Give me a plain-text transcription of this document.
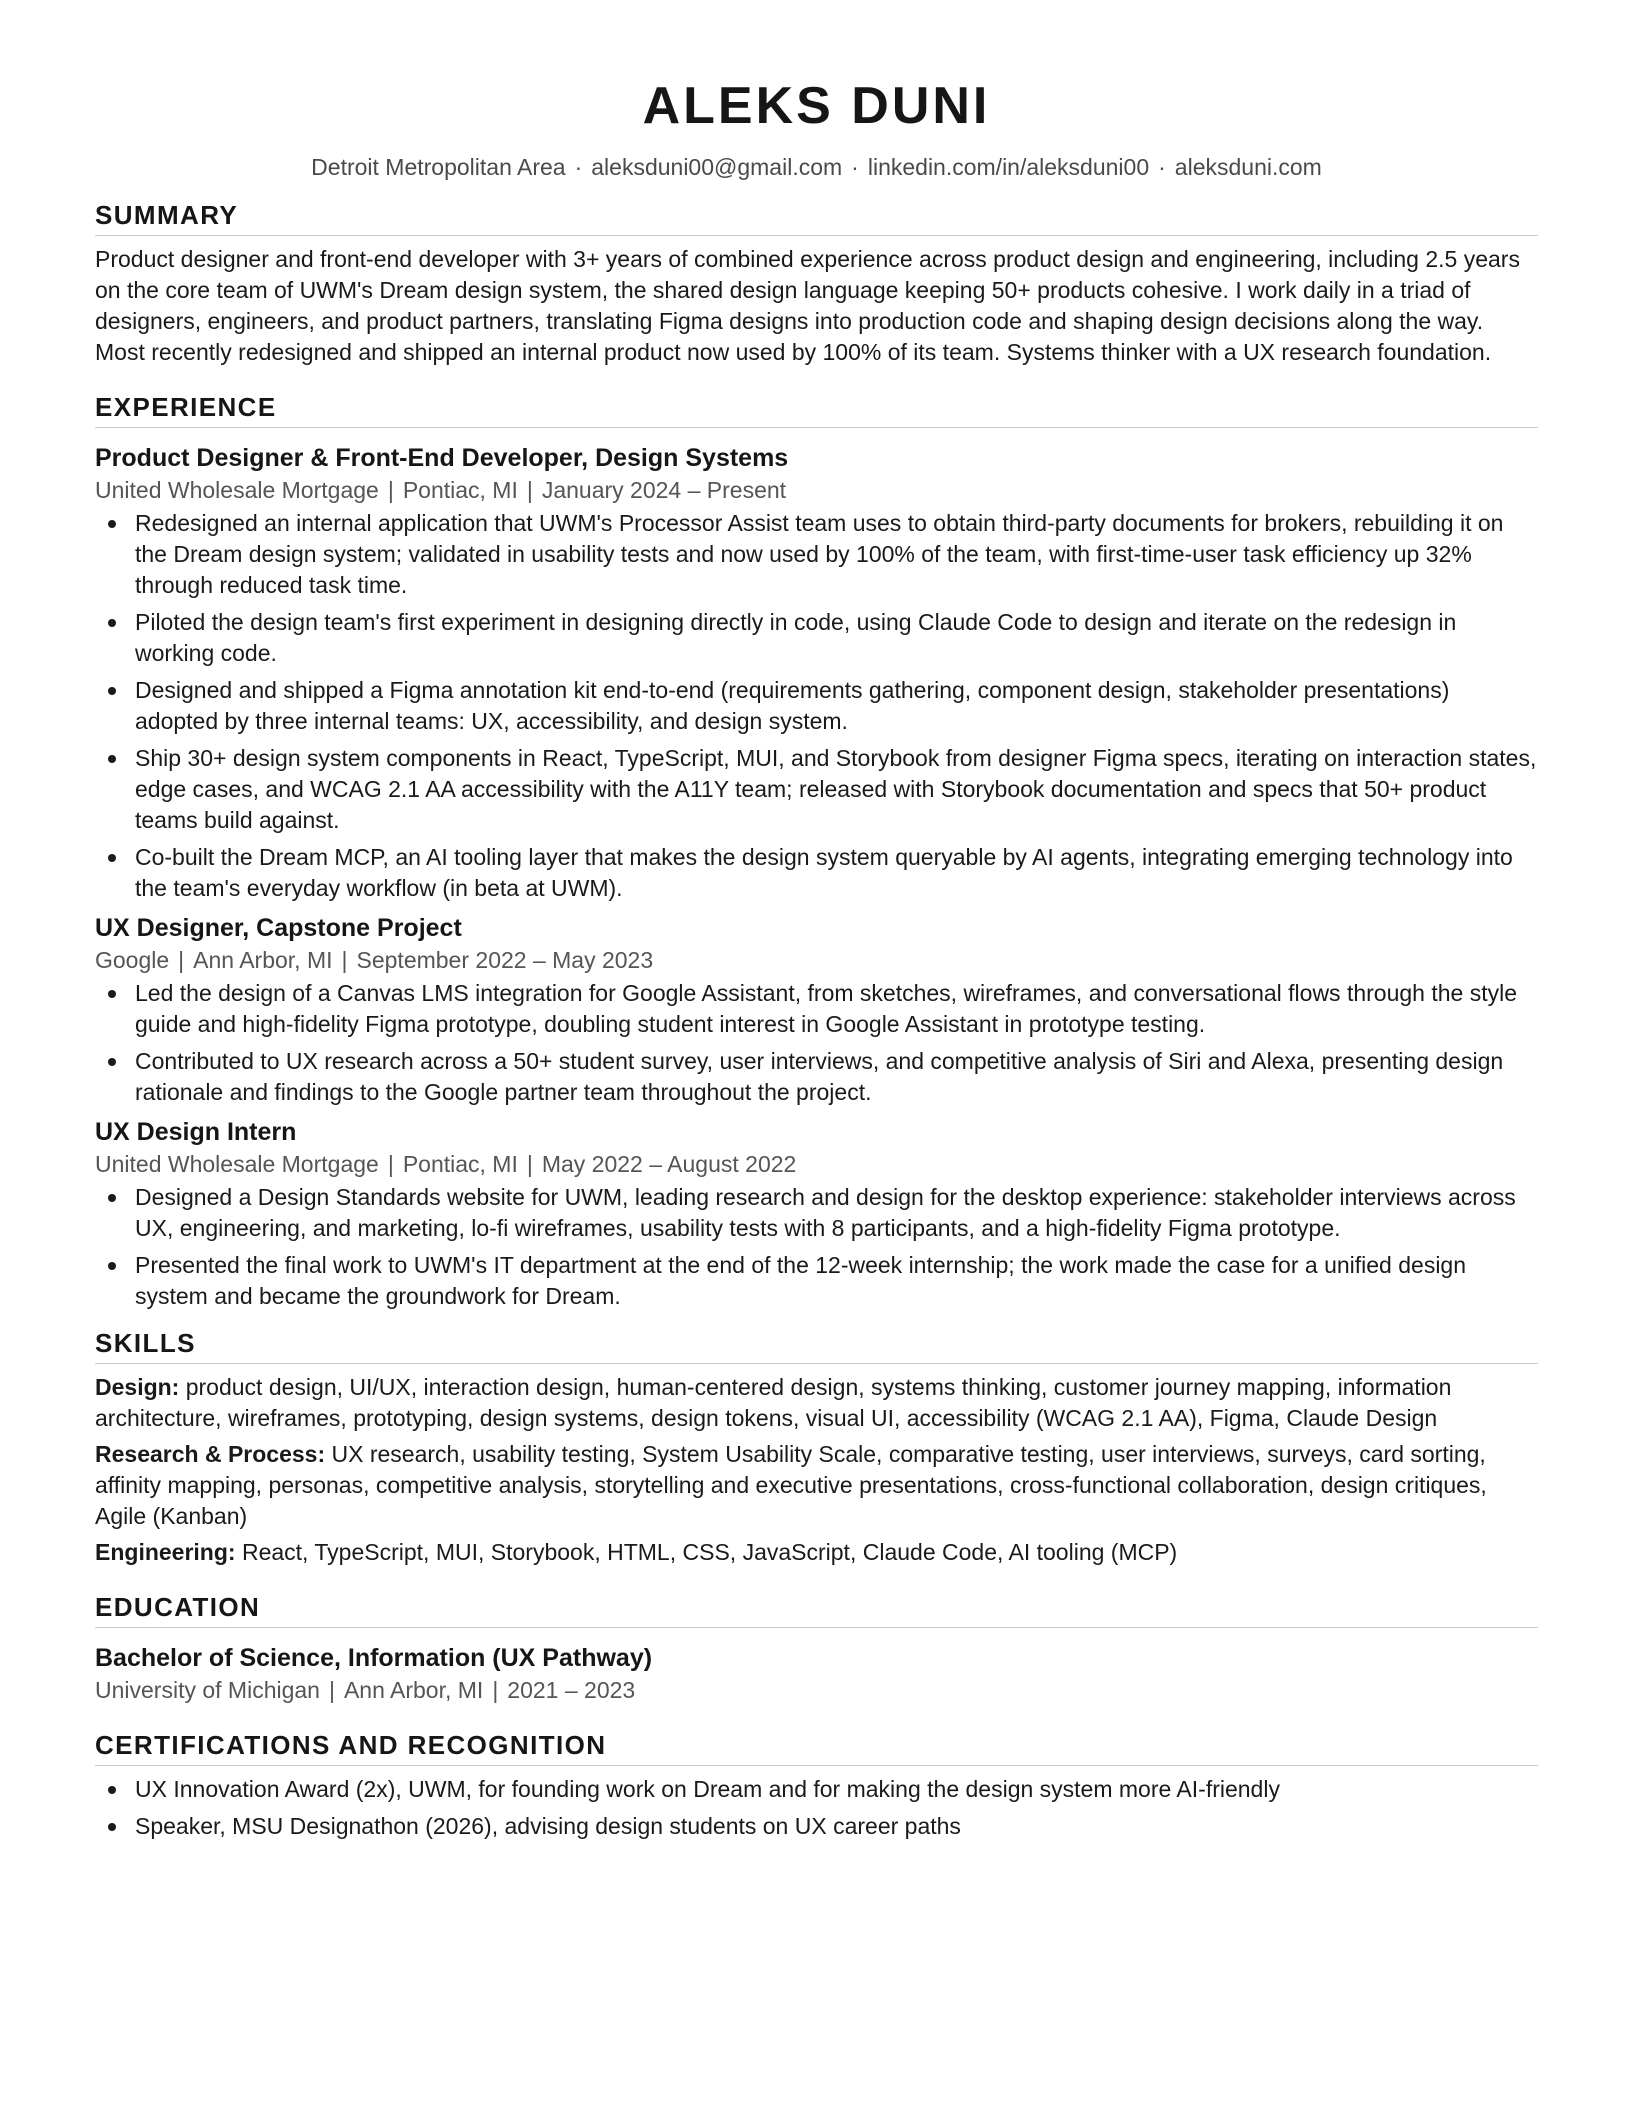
ALEKS DUNI
Detroit Metropolitan Area · aleksduni00@gmail.com · linkedin.com/in/aleksduni00 · aleksduni.com
SUMMARY
Product designer and front-end developer with 3+ years of combined experience across product design and engineering, including 2.5 years on the core team of UWM's Dream design system, the shared design language keeping 50+ products cohesive. I work daily in a triad of designers, engineers, and product partners, translating Figma designs into production code and shaping design decisions along the way. Most recently redesigned and shipped an internal product now used by 100% of its team. Systems thinker with a UX research foundation.
EXPERIENCE
Product Designer & Front-End Developer, Design Systems
United Wholesale Mortgage | Pontiac, MI | January 2024 – Present
Redesigned an internal application that UWM's Processor Assist team uses to obtain third-party documents for brokers, rebuilding it on the Dream design system; validated in usability tests and now used by 100% of the team, with first-time-user task efficiency up 32% through reduced task time.
Piloted the design team's first experiment in designing directly in code, using Claude Code to design and iterate on the redesign in working code.
Designed and shipped a Figma annotation kit end-to-end (requirements gathering, component design, stakeholder presentations) adopted by three internal teams: UX, accessibility, and design system.
Ship 30+ design system components in React, TypeScript, MUI, and Storybook from designer Figma specs, iterating on interaction states, edge cases, and WCAG 2.1 AA accessibility with the A11Y team; released with Storybook documentation and specs that 50+ product teams build against.
Co-built the Dream MCP, an AI tooling layer that makes the design system queryable by AI agents, integrating emerging technology into the team's everyday workflow (in beta at UWM).
UX Designer, Capstone Project
Google | Ann Arbor, MI | September 2022 – May 2023
Led the design of a Canvas LMS integration for Google Assistant, from sketches, wireframes, and conversational flows through the style guide and high-fidelity Figma prototype, doubling student interest in Google Assistant in prototype testing.
Contributed to UX research across a 50+ student survey, user interviews, and competitive analysis of Siri and Alexa, presenting design rationale and findings to the Google partner team throughout the project.
UX Design Intern
United Wholesale Mortgage | Pontiac, MI | May 2022 – August 2022
Designed a Design Standards website for UWM, leading research and design for the desktop experience: stakeholder interviews across UX, engineering, and marketing, lo-fi wireframes, usability tests with 8 participants, and a high-fidelity Figma prototype.
Presented the final work to UWM's IT department at the end of the 12-week internship; the work made the case for a unified design system and became the groundwork for Dream.
SKILLS
Design: product design, UI/UX, interaction design, human-centered design, systems thinking, customer journey mapping, information architecture, wireframes, prototyping, design systems, design tokens, visual UI, accessibility (WCAG 2.1 AA), Figma, Claude Design
Research & Process: UX research, usability testing, System Usability Scale, comparative testing, user interviews, surveys, card sorting, affinity mapping, personas, competitive analysis, storytelling and executive presentations, cross-functional collaboration, design critiques, Agile (Kanban)
Engineering: React, TypeScript, MUI, Storybook, HTML, CSS, JavaScript, Claude Code, AI tooling (MCP)
EDUCATION
Bachelor of Science, Information (UX Pathway)
University of Michigan | Ann Arbor, MI | 2021 – 2023
CERTIFICATIONS AND RECOGNITION
UX Innovation Award (2x), UWM, for founding work on Dream and for making the design system more AI-friendly
Speaker, MSU Designathon (2026), advising design students on UX career paths
